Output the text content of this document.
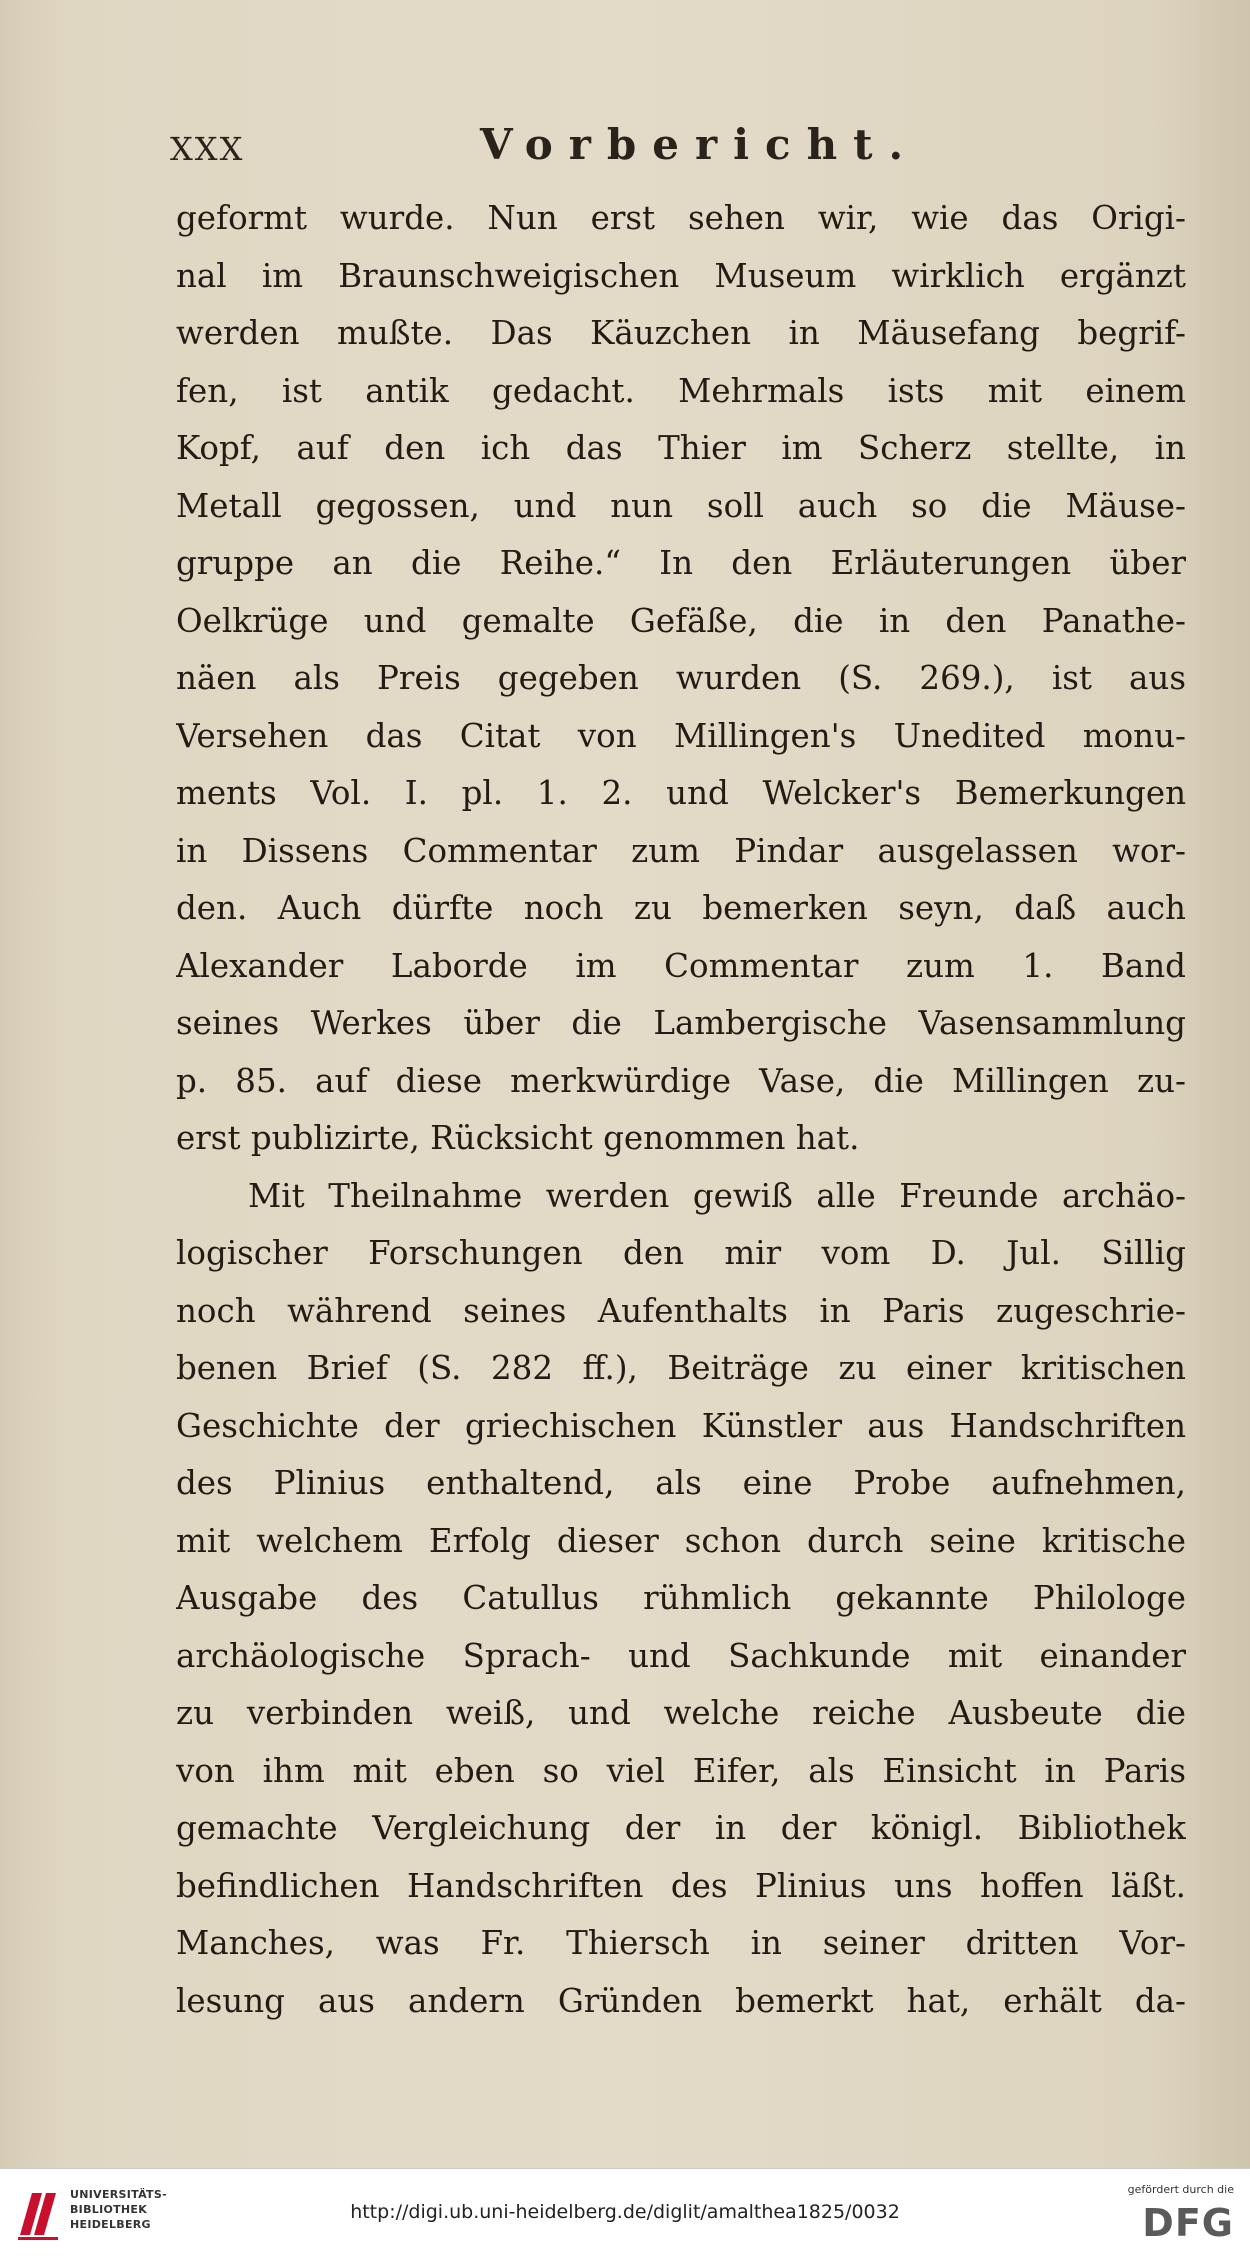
XXX	Vorbericht.
geformt wurde. Nun erst sehen wir, wie das Origi-
nal im Braunschweigischen Museum wirklich ergänzt
werden mußte. Das Käuzchen in Mäusefang begrif-
fen, ist antik gedacht. Mehrmals ists mit einem
Kopf, auf den ich das Thier im Scherz stellte, in
Metall gegossen, und nun soll auch so die Mäuse-
gruppe an die Reihe.“ In den Erläuterungen über
Oelkrüge und gemalte Gefäße, die in den Panathe-
näen als Preis gegeben wurden (S. 269.), ist aus
Versehen das Citat von Millingen's Unedited monu-
ments Vol. I. pl. 1. 2. und Welcker's Bemerkungen
in Dissens Commentar zum Pindar ausgelassen wor-
den. Auch dürfte noch zu bemerken seyn, daß auch
Alexander Laborde im Commentar zum 1. Band
seines Werkes über die Lambergische Vasensammlung
p. 85. auf diese merkwürdige Vase, die Millingen zu-
erst publizirte, Rücksicht genommen hat.
Mit Theilnahme werden gewiß alle Freunde archäo-
logischer Forschungen den mir vom D. Jul. Sillig
noch während seines Aufenthalts in Paris zugeschrie-
benen Brief (S. 282 ff.), Beiträge zu einer kritischen
Geschichte der griechischen Künstler aus Handschriften
des Plinius enthaltend, als eine Probe aufnehmen,
mit welchem Erfolg dieser schon durch seine kritische
Ausgabe des Catullus rühmlich gekannte Philologe
archäologische Sprach- und Sachkunde mit einander
zu verbinden weiß, und welche reiche Ausbeute die
von ihm mit eben so viel Eifer, als Einsicht in Paris
gemachte Vergleichung der in der königl. Bibliothek
befindlichen Handschriften des Plinius uns hoffen läßt.
Manches, was Fr. Thiersch in seiner dritten Vor-
lesung aus andern Gründen bemerkt hat, erhält da-
UNIVERSITÄTS-
BIBLIOTHEK
HEIDELBERG
http://digi.ub.uni-heidelberg.de/diglit/amalthea1825/0032
gefördert durch die
DFG
